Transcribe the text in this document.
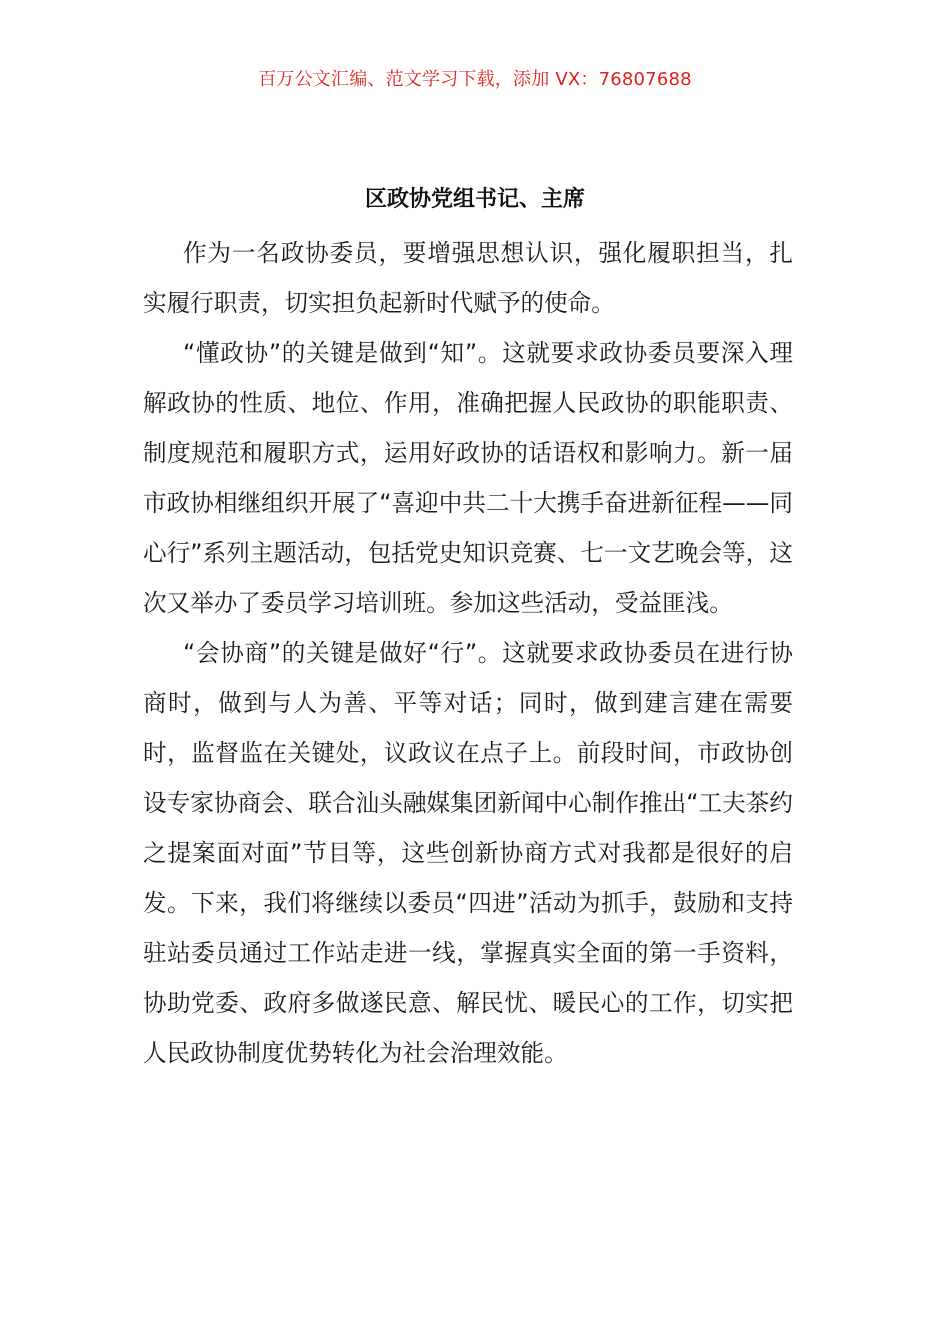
百万公文汇编、范文学习下载，添加 VX：76807688
区政协党组书记、主席

作为一名政协委员，要增强思想认识，强化履职担当，扎实履行职责，切实担负起新时代赋予的使命。

“懂政协”的关键是做到“知”。这就要求政协委员要深入理解政协的性质、地位、作用，准确把握人民政协的职能职责、制度规范和履职方式，运用好政协的话语权和影响力。新一届市政协相继组织开展了“喜迎中共二十大携手奋进新征程——同心行”系列主题活动，包括党史知识竞赛、七一文艺晚会等，这次又举办了委员学习培训班。参加这些活动，受益匪浅。

“会协商”的关键是做好“行”。这就要求政协委员在进行协商时，做到与人为善、平等对话；同时，做到建言建在需要时，监督监在关键处，议政议在点子上。前段时间，市政协创设专家协商会、联合汕头融媒集团新闻中心制作推出“工夫茶约之提案面对面”节目等，这些创新协商方式对我都是很好的启发。下来，我们将继续以委员“四进”活动为抓手，鼓励和支持驻站委员通过工作站走进一线，掌握真实全面的第一手资料，协助党委、政府多做遂民意、解民忧、暖民心的工作，切实把人民政协制度优势转化为社会治理效能。
